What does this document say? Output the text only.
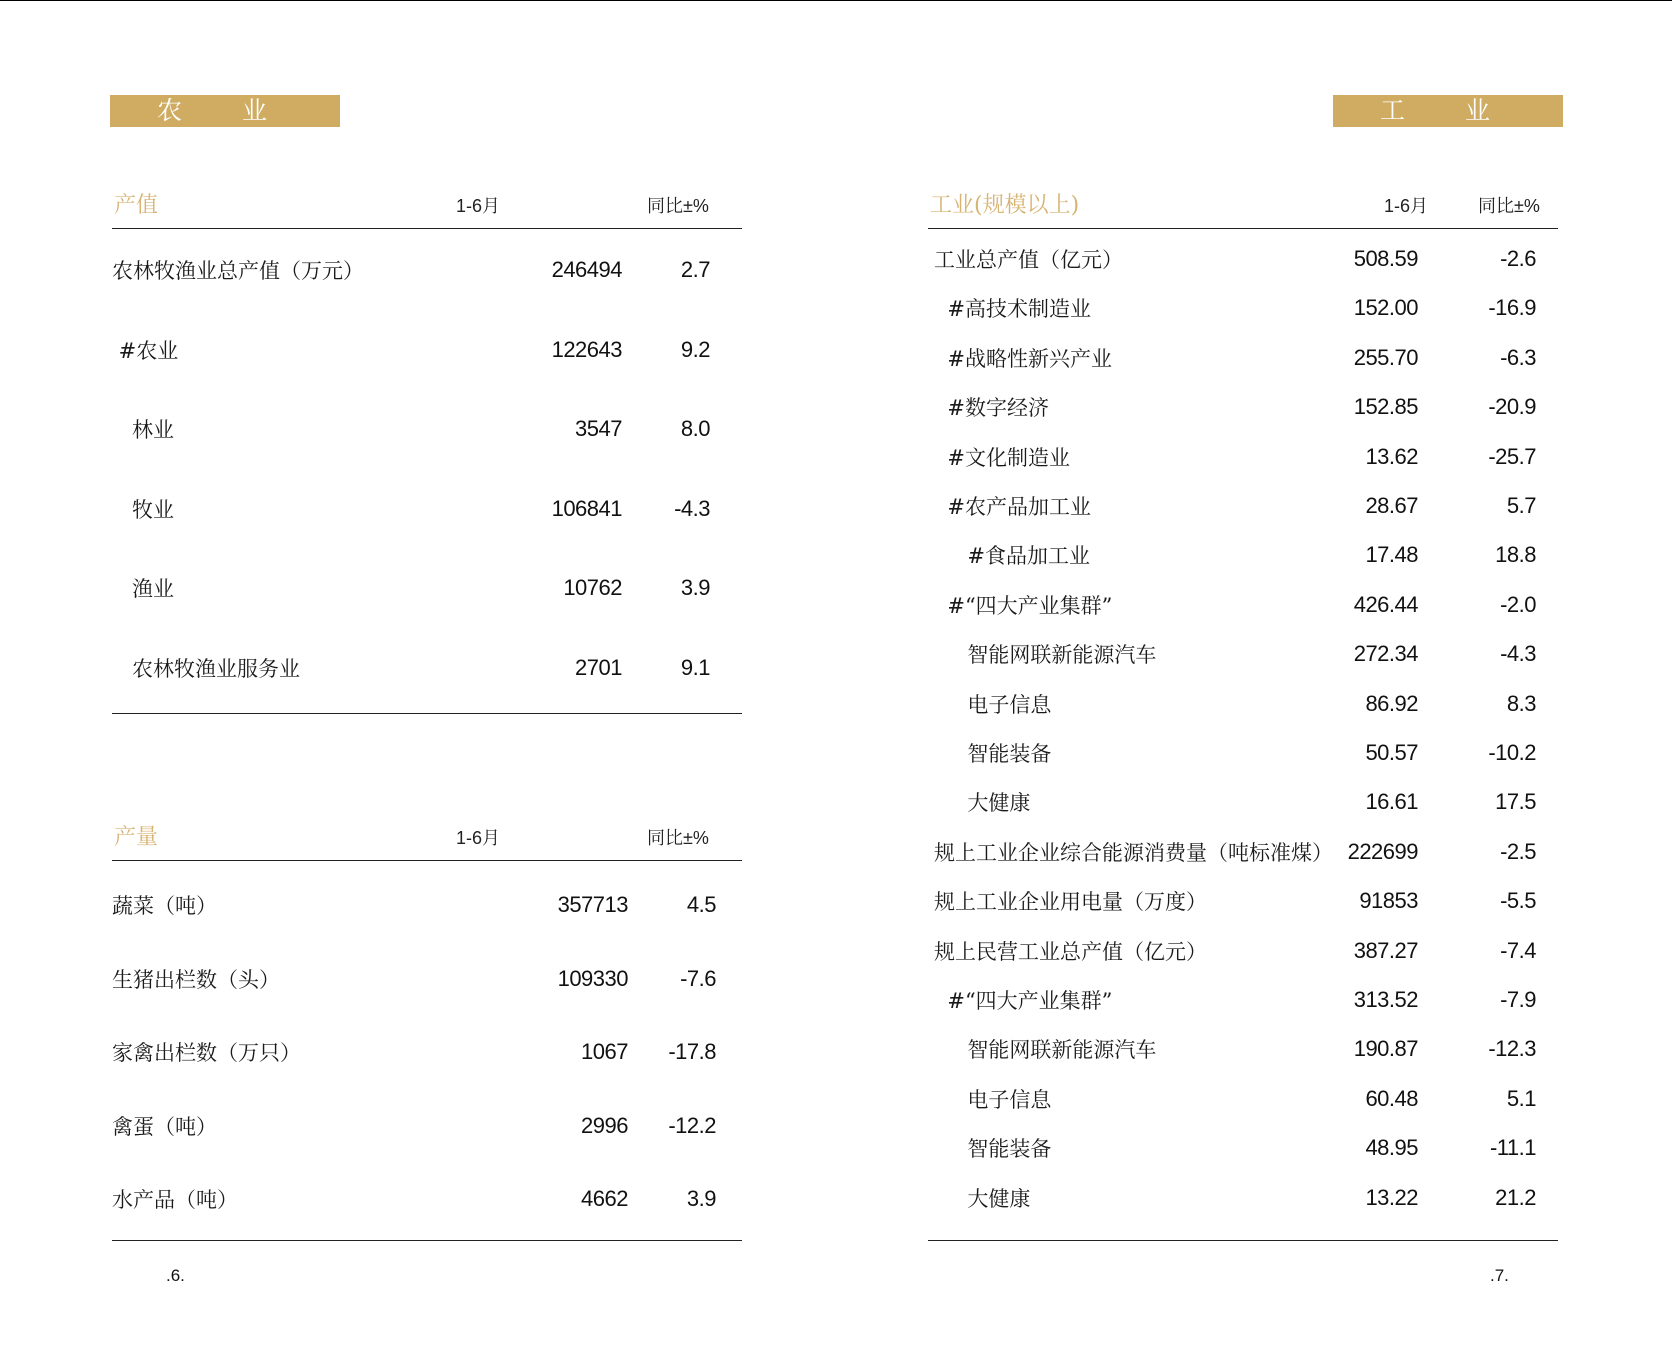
农 业
产值	1-6月	同比±%
农林牧渔业总产值（万元）	246494	2.7
#农业	122643	9.2
林业	3547	8.0
牧业	106841 -4.3
渔业	10762	3.9
农林牧渔业服务业	2701	9.1
产量	1-6月	同比±%
蔬菜（吨）	357713	4.5
生猪出栏数（头）	109330 -7.6
家禽出栏数（万只）	1067 -17.8
禽蛋（吨）	2996 -12.2
水产品（吨）	4662	3.9
.6.
工 业
工业(规模以上)	1-6月	同比±%
工业总产值（亿元）	508.59	-2.6
#高技术制造业	152.00	-16.9
#战略性新兴产业	255.70	-6.3
#数字经济	152.85	-20.9
#文化制造业	13.62	-25.7
#农产品加工业	28.67	5.7
#食品加工业	17.48	18.8
#“四大产业集群”	426.44	-2.0
智能网联新能源汽车	272.34	-4.3
电子信息	86.92	8.3
智能装备	50.57	-10.2
大健康	16.61	17.5
规上工业企业综合能源消费量（吨标准煤） 222699	-2.5
规上工业企业用电量（万度）	91853	-5.5
规上民营工业总产值（亿元）	387.27	-7.4
#“四大产业集群”	313.52	-7.9
智能网联新能源汽车	190.87	-12.3
电子信息	60.48	5.1
智能装备	48.95	-11.1
大健康	13.22	21.2
.7.
